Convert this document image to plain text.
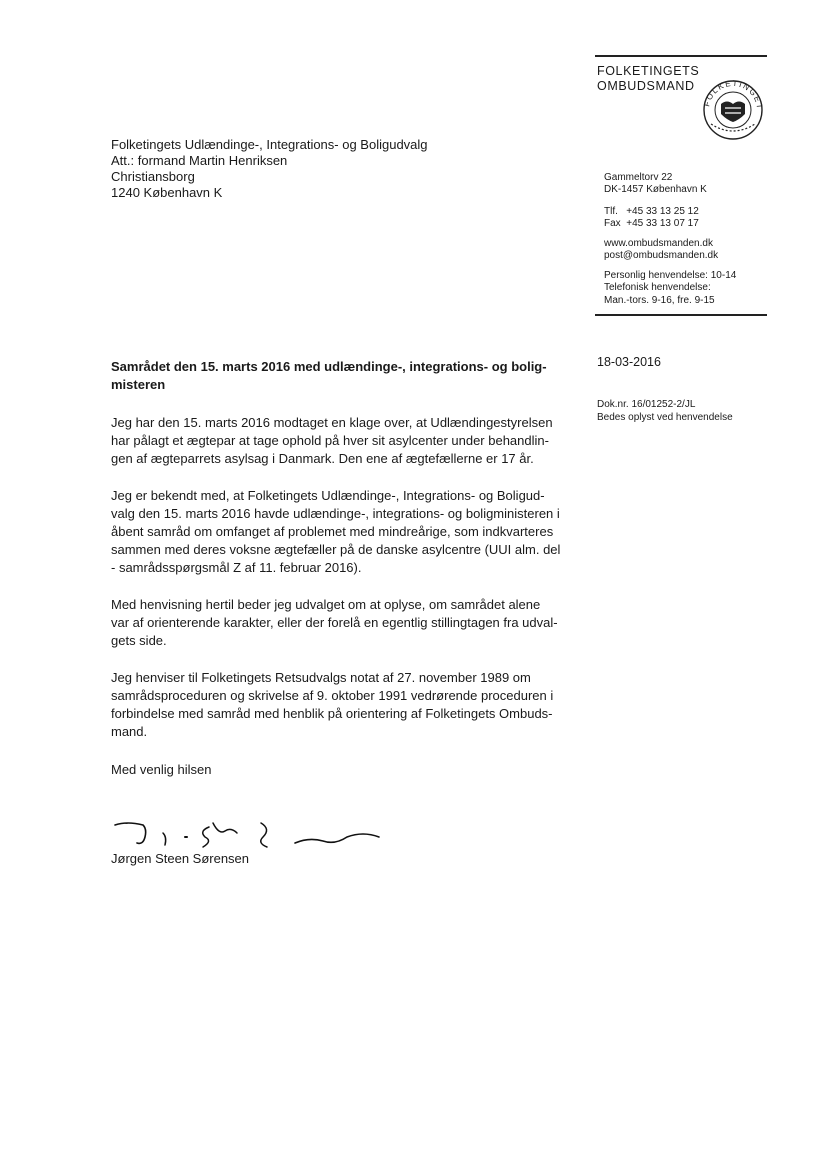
FOLKETINGETS
OMBUDSMAND
FOLKETINGET
Folketingets Udlændinge-, Integrations- og Boligudvalg
Att.: formand Martin Henriksen
Christiansborg
1240 København K
Gammeltorv 22
DK-1457 København K
Tlf.   +45 33 13 25 12
Fax  +45 33 13 07 17
www.ombudsmanden.dk
post@ombudsmanden.dk
Personlig henvendelse: 10-14
Telefonisk henvendelse:
Man.-tors. 9-16, fre. 9-15
18-03-2016
Dok.nr. 16/01252-2/JL
Bedes oplyst ved henvendelse
Samrådet den 15. marts 2016 med udlændinge-, integrations- og bolig-
misteren
Jeg har den 15. marts 2016 modtaget en klage over, at Udlændingestyrelsen
har pålagt et ægtepar at tage ophold på hver sit asylcenter under behandlin-
gen af ægteparrets asylsag i Danmark. Den ene af ægtefællerne er 17 år.
Jeg er bekendt med, at Folketingets Udlændinge-, Integrations- og Boligud-
valg den 15. marts 2016 havde udlændinge-, integrations- og boligministeren i
åbent samråd om omfanget af problemet med mindreårige, som indkvarteres
sammen med deres voksne ægtefæller på de danske asylcentre (UUI alm. del
- samrådsspørgsmål Z af 11. februar 2016).
Med henvisning hertil beder jeg udvalget om at oplyse, om samrådet alene
var af orienterende karakter, eller der forelå en egentlig stillingtagen fra udval-
gets side.
Jeg henviser til Folketingets Retsudvalgs notat af 27. november 1989 om
samrådsproceduren og skrivelse af 9. oktober 1991 vedrørende proceduren i
forbindelse med samråd med henblik på orientering af Folketingets Ombuds-
mand.
Med venlig hilsen
Jørgen Steen Sørensen
